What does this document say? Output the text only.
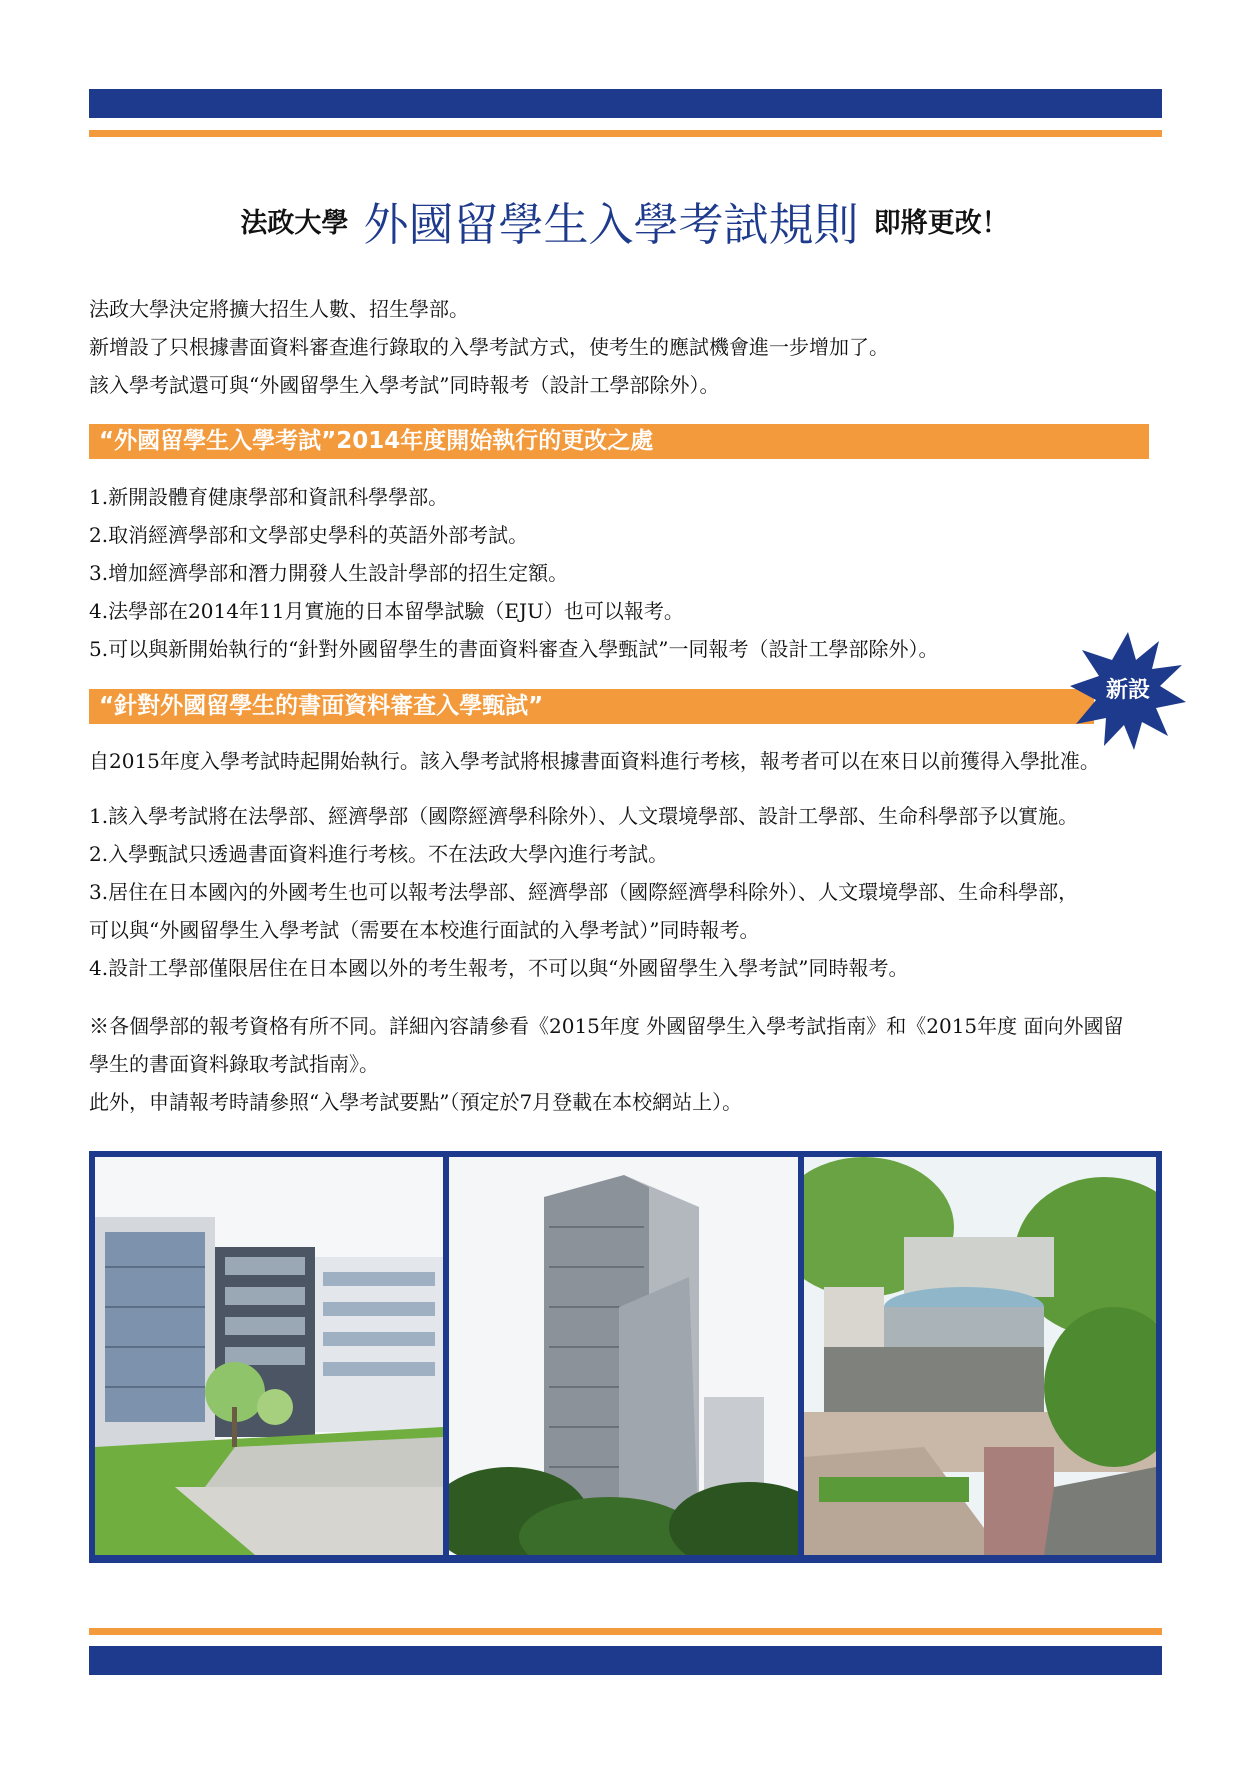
法政大學 外國留學生入學考試規則 即將更改！

法政大學決定將擴大招生人數、招生學部。

新增設了只根據書面資料審查進行錄取的入學考試方式，使考生的應試機會進一步增加了。

該入學考試還可與“外國留學生入學考試”同時報考（設計工學部除外）。

“外國留學生入學考試”2014年度開始執行的更改之處

1.新開設體育健康學部和資訊科學學部。

2.取消經濟學部和文學部史學科的英語外部考試。

3.增加經濟學部和潛力開發人生設計學部的招生定額。

4.法學部在2014年11月實施的日本留學試驗（EJU）也可以報考。

5.可以與新開始執行的“針對外國留學生的書面資料審查入學甄試”一同報考（設計工學部除外）。

“針對外國留學生的書面資料審查入學甄試”
新設

自2015年度入學考試時起開始執行。該入學考試將根據書面資料進行考核，報考者可以在來日以前獲得入學批准。

1.該入學考試將在法學部、經濟學部（國際經濟學科除外）、人文環境學部、設計工學部、生命科學部予以實施。

2.入學甄試只透過書面資料進行考核。不在法政大學內進行考試。

3.居住在日本國內的外國考生也可以報考法學部、經濟學部（國際經濟學科除外）、人文環境學部、生命科學部，

可以與“外國留學生入學考試（需要在本校進行面試的入學考試）”同時報考。

4.設計工學部僅限居住在日本國以外的考生報考，不可以與“外國留學生入學考試”同時報考。

※各個學部的報考資格有所不同。詳細內容請參看《2015年度 外國留學生入學考試指南》和《2015年度 面向外國留

學生的書面資料錄取考試指南》。

此外，申請報考時請參照“入學考試要點”（預定於7月登載在本校網站上）。
